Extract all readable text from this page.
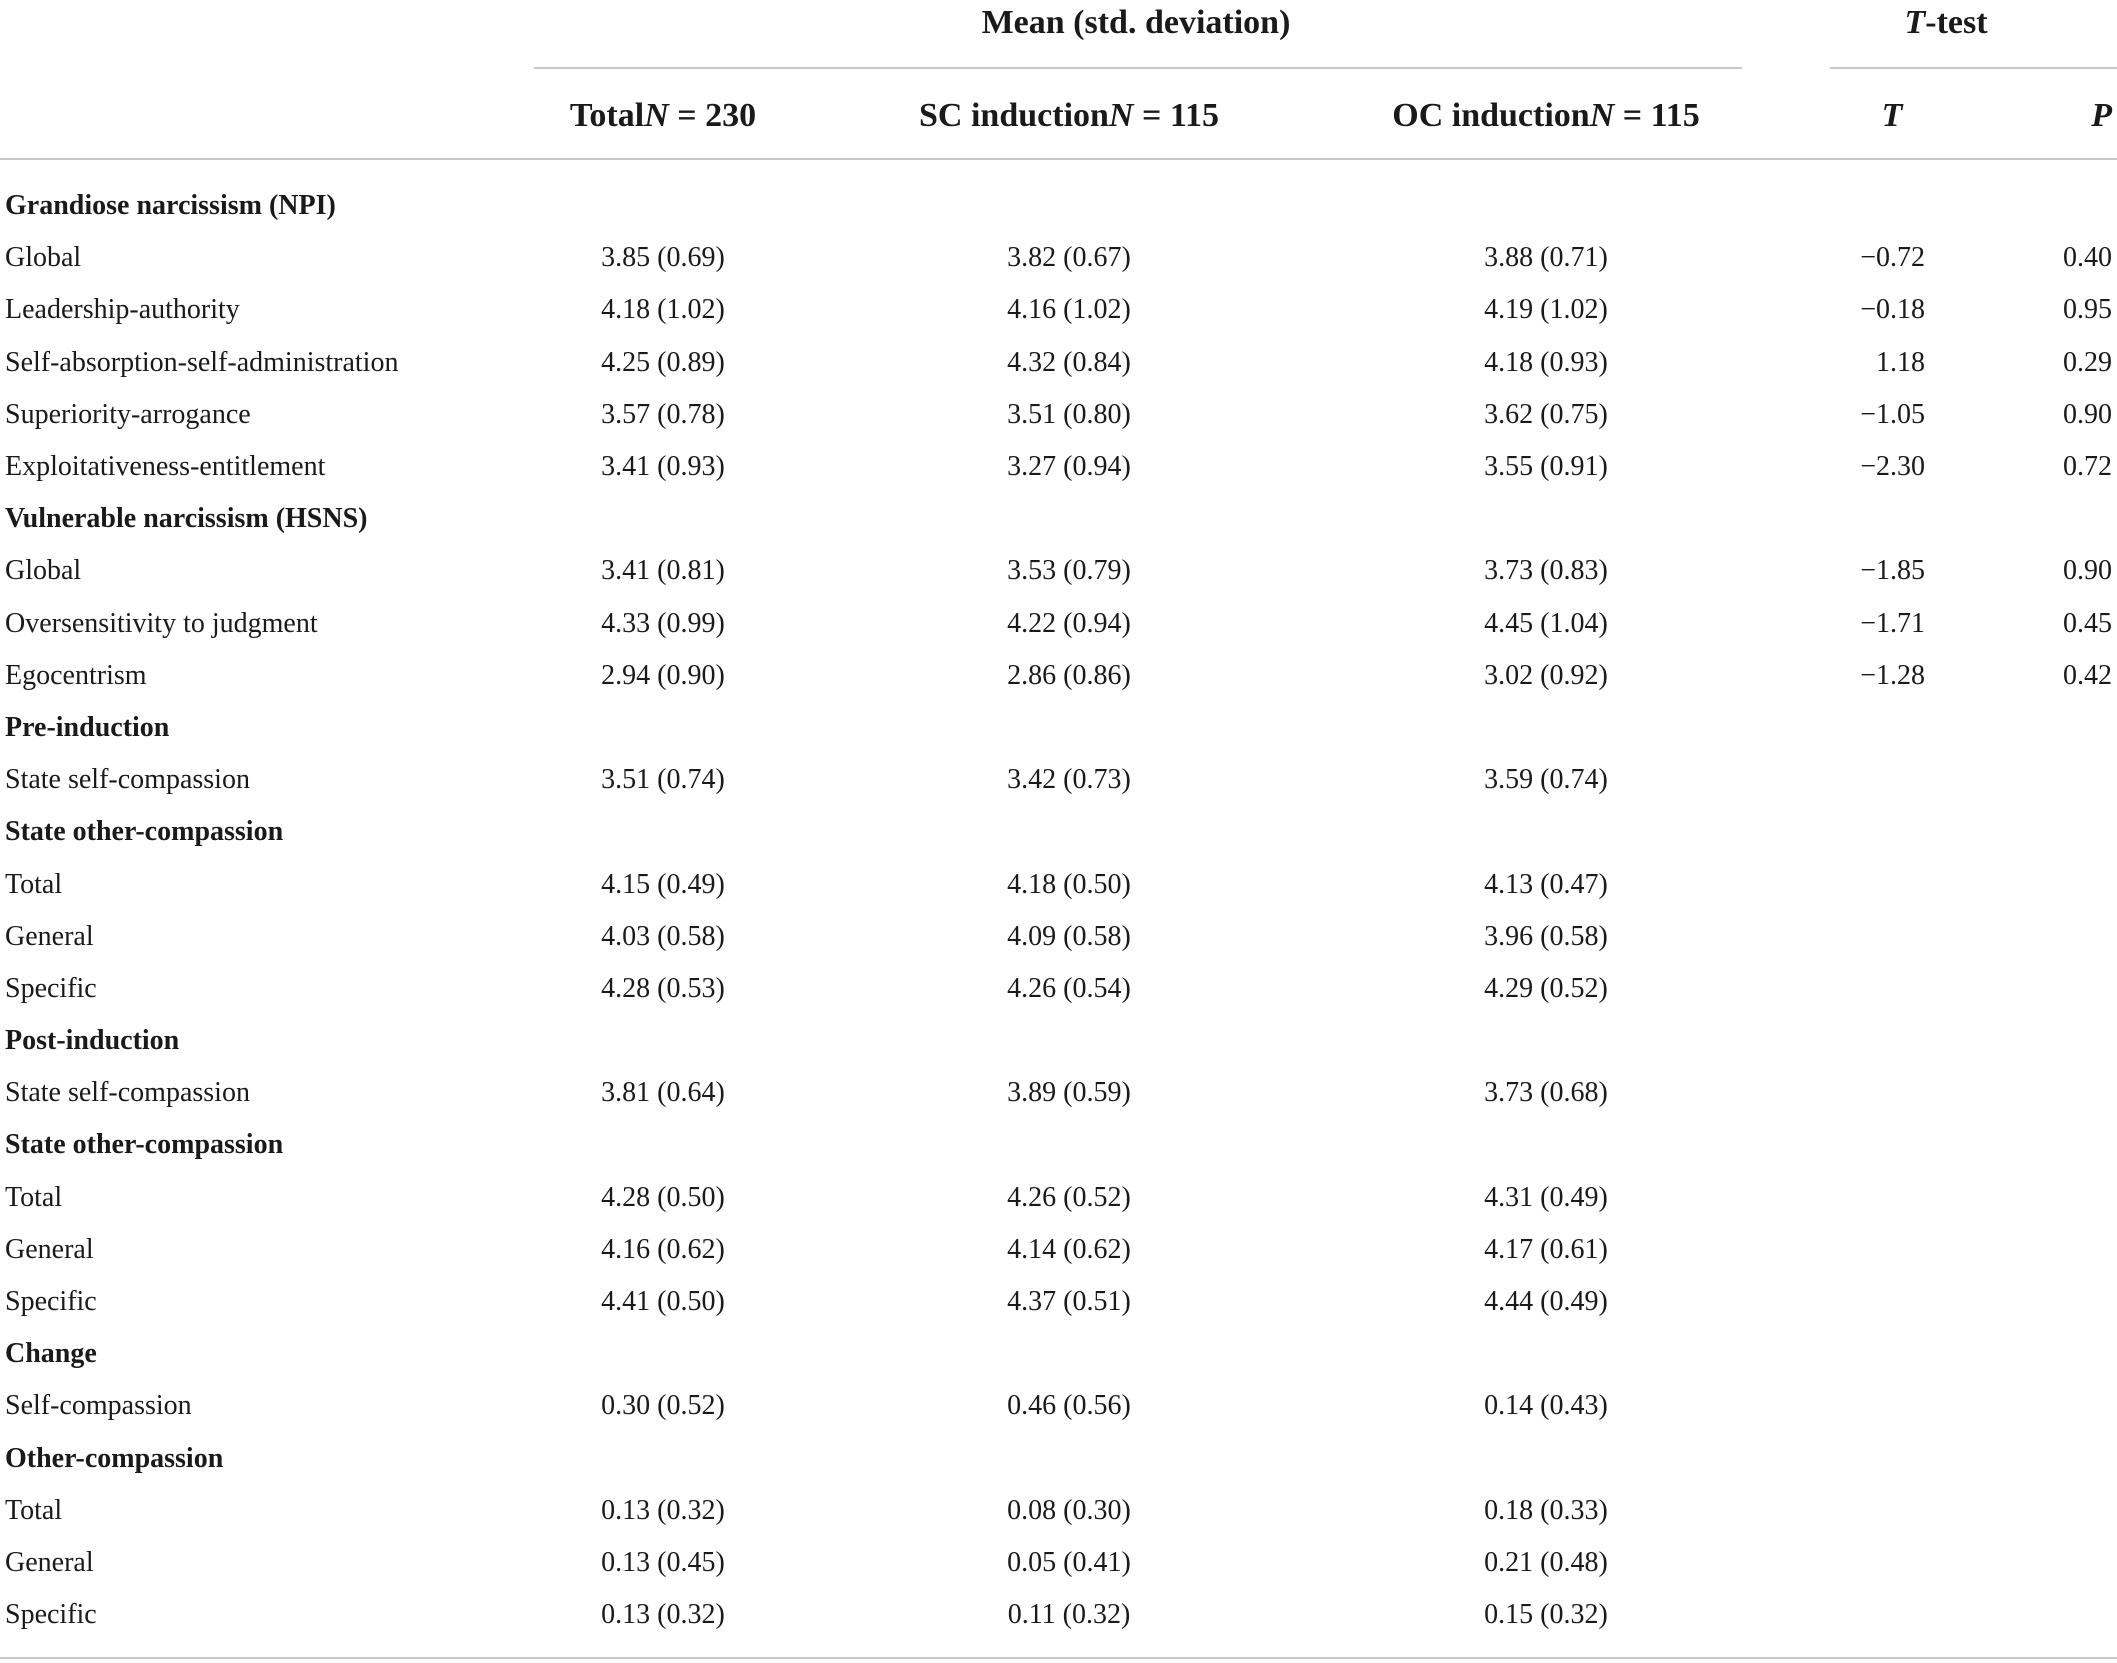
Mean (std. deviation)	T-test
TotalN = 230	SC inductionN = 115	OC inductionN = 115	T	P
Grandiose narcissism (NPI)
Global	3.85 (0.69)	3.82 (0.67)	3.88 (0.71)	−0.72	0.40
Leadership-authority	4.18 (1.02)	4.16 (1.02)	4.19 (1.02)	−0.18	0.95
Self-absorption-self-administration	4.25 (0.89)	4.32 (0.84)	4.18 (0.93)	1.18	0.29
Superiority-arrogance	3.57 (0.78)	3.51 (0.80)	3.62 (0.75)	−1.05	0.90
Exploitativeness-entitlement	3.41 (0.93)	3.27 (0.94)	3.55 (0.91)	−2.30	0.72
Vulnerable narcissism (HSNS)
Global	3.41 (0.81)	3.53 (0.79)	3.73 (0.83)	−1.85	0.90
Oversensitivity to judgment	4.33 (0.99)	4.22 (0.94)	4.45 (1.04)	−1.71	0.45
Egocentrism	2.94 (0.90)	2.86 (0.86)	3.02 (0.92)	−1.28	0.42
Pre-induction
State self-compassion	3.51 (0.74)	3.42 (0.73)	3.59 (0.74)
State other-compassion
Total	4.15 (0.49)	4.18 (0.50)	4.13 (0.47)
General	4.03 (0.58)	4.09 (0.58)	3.96 (0.58)
Specific	4.28 (0.53)	4.26 (0.54)	4.29 (0.52)
Post-induction
State self-compassion	3.81 (0.64)	3.89 (0.59)	3.73 (0.68)
State other-compassion
Total	4.28 (0.50)	4.26 (0.52)	4.31 (0.49)
General	4.16 (0.62)	4.14 (0.62)	4.17 (0.61)
Specific	4.41 (0.50)	4.37 (0.51)	4.44 (0.49)
Change
Self-compassion	0.30 (0.52)	0.46 (0.56)	0.14 (0.43)
Other-compassion
Total	0.13 (0.32)	0.08 (0.30)	0.18 (0.33)
General	0.13 (0.45)	0.05 (0.41)	0.21 (0.48)
Specific	0.13 (0.32)	0.11 (0.32)	0.15 (0.32)
